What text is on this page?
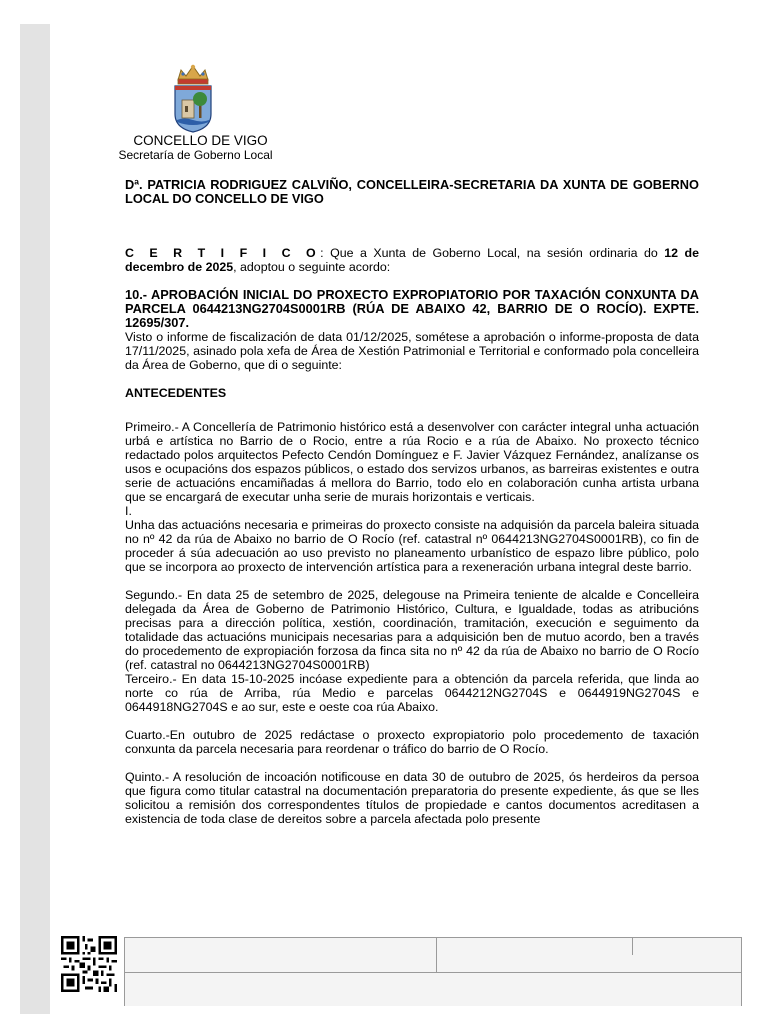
CONCELLO DE VIGO
Secretaría de Goberno Local

Dª. PATRICIA RODRIGUEZ CALVIÑO, CONCELLEIRA-SECRETARIA DA XUNTA DE GOBERNO LOCAL DO CONCELLO DE VIGO

C E R T I F I C O: Que a Xunta de Goberno Local, na sesión ordinaria do 12 de decembro de 2025, adoptou o seguinte acordo:

10.- APROBACIÓN INICIAL DO PROXECTO EXPROPIATORIO POR TAXACIÓN CONXUNTA DA PARCELA 0644213NG2704S0001RB (RÚA DE ABAIXO 42, BARRIO DE O ROCÍO). EXPTE. 12695/307.

Visto o informe de fiscalización de data 01/12/2025, sométese a aprobación o informe-proposta de data 17/11/2025, asinado pola xefa de Área de Xestión Patrimonial e Territorial e conformado pola concelleira da Área de Goberno, que di o seguinte:

ANTECEDENTES

Primeiro.- A Concellería de Patrimonio histórico está a desenvolver con carácter integral unha actuación urbá e artística no Barrio de o Rocio, entre a rúa Rocio e a rúa de Abaixo. No proxecto técnico redactado polos arquitectos Pefecto Cendón Domínguez e F. Javier Vázquez Fernández, analízanse os usos e ocupacións dos espazos públicos, o estado dos servizos urbanos, as barreiras existentes e outra serie de actuacións encamiñadas á mellora do Barrio, todo elo en colaboración cunha artista urbana que se encargará de executar unha serie de murais horizontais e verticais.

I.

Unha das actuacións necesaria e primeiras do proxecto consiste na adquisión da parcela baleira situada no nº 42 da rúa de Abaixo no barrio de O Rocío (ref. catastral nº 0644213NG2704S0001RB), co fin de proceder á súa adecuación ao uso previsto no planeamento urbanístico de espazo libre público, polo que se incorpora ao proxecto de intervención artística para a rexeneración urbana integral deste barrio.

Segundo.- En data 25 de setembro de 2025, delegouse na Primeira teniente de alcalde e Concelleira delegada da Área de Goberno de Patrimonio Histórico, Cultura, e Igualdade, todas as atribucións precisas para a dirección política, xestión, coordinación, tramitación, execución e seguimento da totalidade das actuacións municipais necesarias para a adquisición ben de mutuo acordo, ben a través do procedemento de expropiación forzosa da finca sita no nº 42 da rúa de Abaixo no barrio de O Rocío (ref. catastral no 0644213NG2704S0001RB)

Terceiro.- En data 15-10-2025 incóase expediente para a obtención da parcela referida, que linda ao norte co rúa de Arriba, rúa Medio e parcelas 0644212NG2704S e 0644919NG2704S e 0644918NG2704S e ao sur, este e oeste coa rúa Abaixo.

Cuarto.-En outubro de 2025 redáctase o proxecto expropiatorio polo procedemento de taxación conxunta da parcela necesaria para reordenar o tráfico do barrio de O Rocío.

Quinto.- A resolución de incoación notificouse en data 30 de outubro de 2025, ós herdeiros da persoa que figura como titular catastral na documentación preparatoria do presente expediente, ás que se lles solicitou a remisión dos correspondentes títulos de propiedade e cantos documentos acreditasen a existencia de toda clase de dereitos sobre a parcela afectada polo presente
